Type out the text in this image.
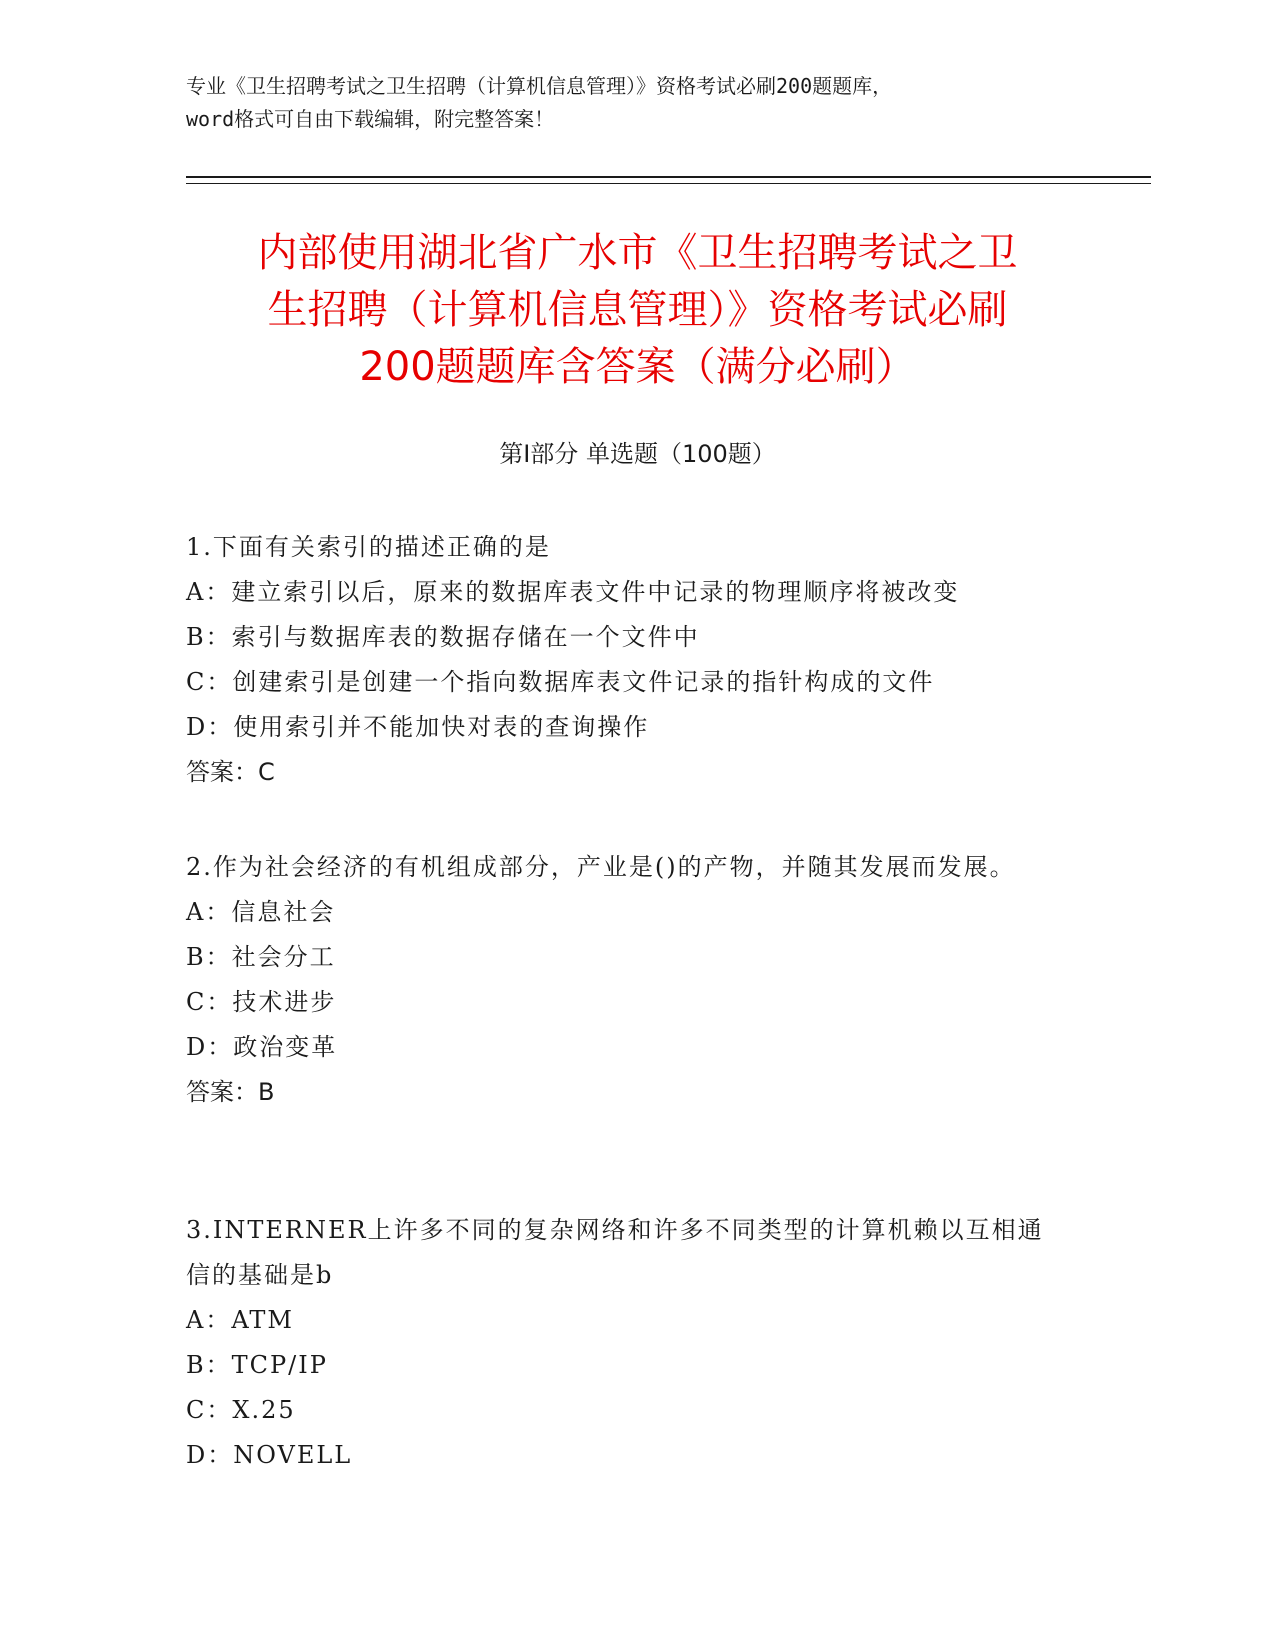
专业《卫生招聘考试之卫生招聘（计算机信息管理）》资格考试必刷200题题库，
word格式可自由下载编辑，附完整答案！
内部使用湖北省广水市《卫生招聘考试之卫
生招聘（计算机信息管理）》资格考试必刷
200题题库含答案（满分必刷）
第Ⅰ部分 单选题（100题）
1.下面有关索引的描述正确的是
A：建立索引以后，原来的数据库表文件中记录的物理顺序将被改变
B：索引与数据库表的数据存储在一个文件中
C：创建索引是创建一个指向数据库表文件记录的指针构成的文件
D：使用索引并不能加快对表的查询操作
答案：C
2.作为社会经济的有机组成部分，产业是()的产物，并随其发展而发展。
A：信息社会
B：社会分工
C：技术进步
D：政治变革
答案：B
3.INTERNER上许多不同的复杂网络和许多不同类型的计算机赖以互相通信的基础是b
A：ATM
B：TCP/IP
C：X.25
D：NOVELL
